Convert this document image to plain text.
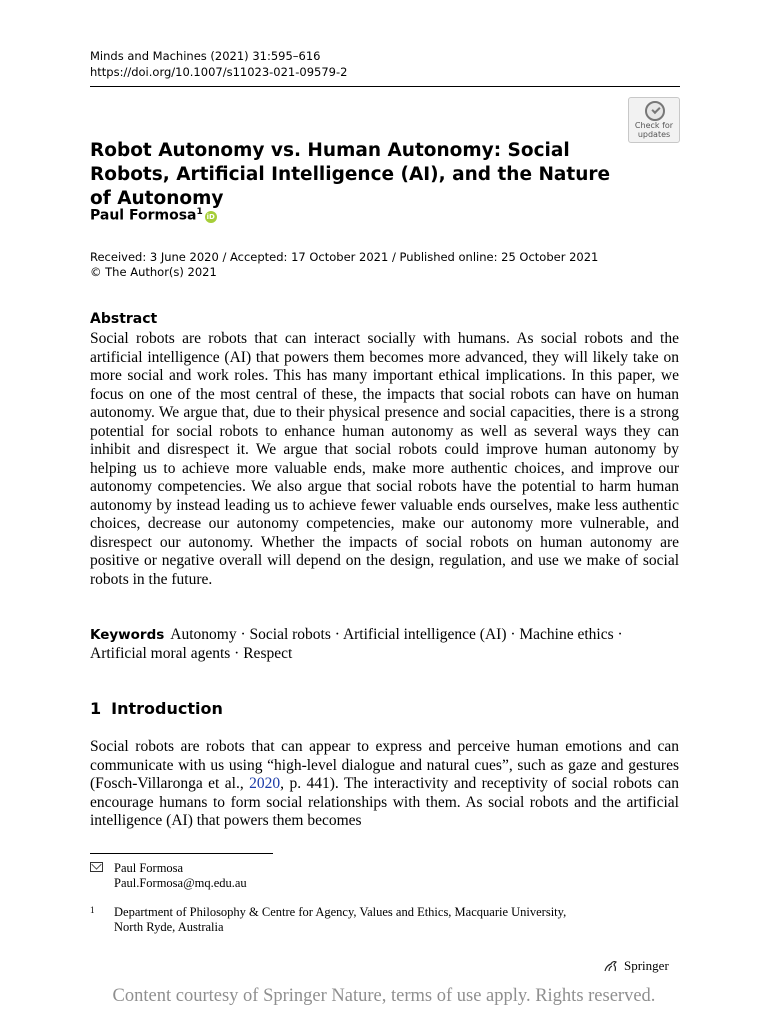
Minds and Machines (2021) 31:595–616
https://doi.org/10.1007/s11023-021-09579-2
Check for
updates
Robot Autonomy vs. Human Autonomy: Social Robots, Artificial Intelligence (AI), and the Nature of Autonomy
Paul Formosa$^1$ iD
Received: 3 June 2020 / Accepted: 17 October 2021 / Published online: 25 October 2021
© The Author(s) 2021
Abstract
Social robots are robots that can interact socially with humans. As social robots and the artificial intelligence (AI) that powers them becomes more advanced, they will likely take on more social and work roles. This has many important ethical implications. In this paper, we focus on one of the most central of these, the impacts that social robots can have on human autonomy. We argue that, due to their physical presence and social capacities, there is a strong potential for social robots to enhance human autonomy as well as several ways they can inhibit and disrespect it. We argue that social robots could improve human autonomy by helping us to achieve more valuable ends, make more authentic choices, and improve our autonomy competencies. We also argue that social robots have the potential to harm human autonomy by instead leading us to achieve fewer valuable ends ourselves, make less authentic choices, decrease our autonomy competencies, make our autonomy more vulnerable, and disrespect our autonomy. Whether the impacts of social robots on human autonomy are positive or negative overall will depend on the design, regulation, and use we make of social robots in the future.
Keywords Autonomy · Social robots · Artificial intelligence (AI) · Machine ethics · Artificial moral agents · Respect
1 Introduction
Social robots are robots that can appear to express and perceive human emotions and can communicate with us using “high-level dialogue and natural cues”, such as gaze and gestures (Fosch-Villaronga et al., 2020, p. 441). The interactivity and receptivity of social robots can encourage humans to form social relationships with them. As social robots and the artificial intelligence (AI) that powers them becomes
Paul Formosa
Paul.Formosa@mq.edu.au
1 Department of Philosophy & Centre for Agency, Values and Ethics, Macquarie University,
North Ryde, Australia
Springer
Content courtesy of Springer Nature, terms of use apply. Rights reserved.
